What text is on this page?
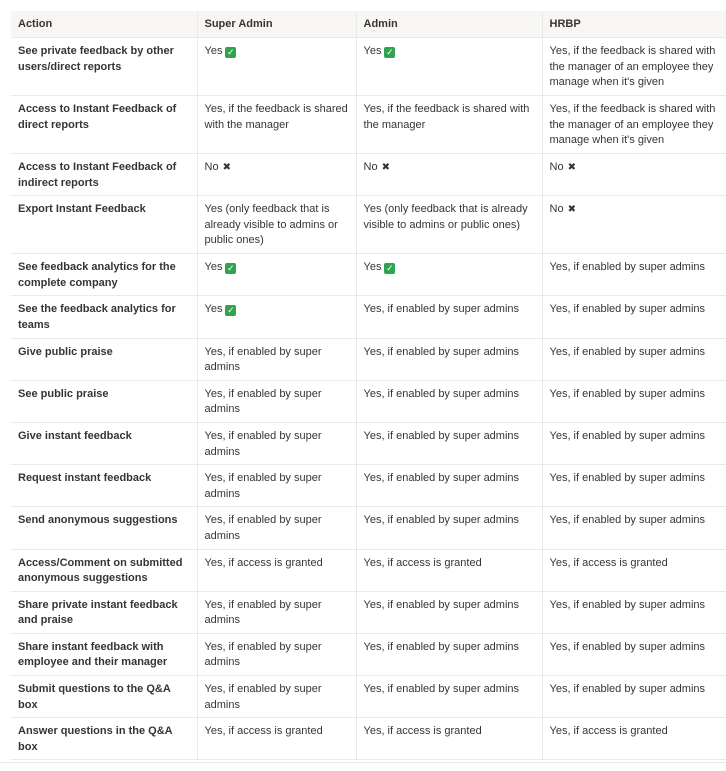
Action	Super Admin	Admin	HRBP
See private feedback by other users/direct reports	Yes ✓	Yes ✓	Yes, if the feedback is shared with the manager of an employee they manage when it's given
Access to Instant Feedback of direct reports	Yes, if the feedback is shared with the manager	Yes, if the feedback is shared with the manager	Yes, if the feedback is shared with the manager of an employee they manage when it's given
Access to Instant Feedback of indirect reports	No ✖	No ✖	No ✖
Export Instant Feedback	Yes (only feedback that is already visible to admins or public ones)	Yes (only feedback that is already visible to admins or public ones)	No ✖
See feedback analytics for the complete company	Yes ✓	Yes ✓	Yes, if enabled by super admins
See the feedback analytics for teams	Yes ✓	Yes, if enabled by super admins	Yes, if enabled by super admins
Give public praise	Yes, if enabled by super admins	Yes, if enabled by super admins	Yes, if enabled by super admins
See public praise	Yes, if enabled by super admins	Yes, if enabled by super admins	Yes, if enabled by super admins
Give instant feedback	Yes, if enabled by super admins	Yes, if enabled by super admins	Yes, if enabled by super admins
Request instant feedback	Yes, if enabled by super admins	Yes, if enabled by super admins	Yes, if enabled by super admins
Send anonymous suggestions	Yes, if enabled by super admins	Yes, if enabled by super admins	Yes, if enabled by super admins
Access/Comment on submitted anonymous suggestions	Yes, if access is granted	Yes, if access is granted	Yes, if access is granted
Share private instant feedback and praise	Yes, if enabled by super admins	Yes, if enabled by super admins	Yes, if enabled by super admins
Share instant feedback with employee and their manager	Yes, if enabled by super admins	Yes, if enabled by super admins	Yes, if enabled by super admins
Submit questions to the Q&A box	Yes, if enabled by super admins	Yes, if enabled by super admins	Yes, if enabled by super admins
Answer questions in the Q&A box	Yes, if access is granted	Yes, if access is granted	Yes, if access is granted
